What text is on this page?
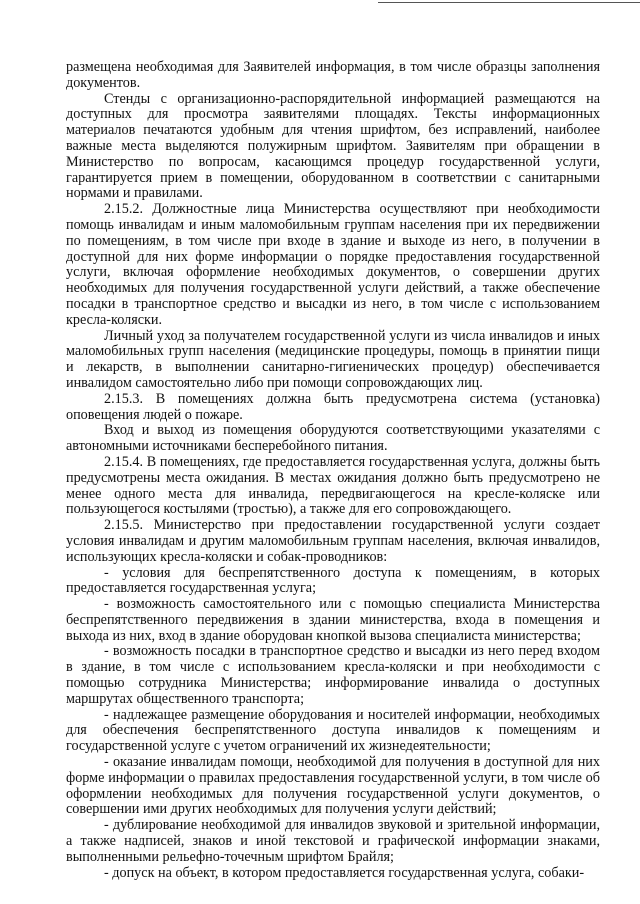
размещена необходимая для Заявителей информация, в том числе образцы заполнения документов.

Стенды с организационно-распорядительной информацией размещаются на доступных для просмотра заявителями площадях. Тексты информационных материалов печатаются удобным для чтения шрифтом, без исправлений, наиболее важные места выделяются полужирным шрифтом. Заявителям при обращении в Министерство по вопросам, касающимся процедур государственной услуги, гарантируется прием в помещении, оборудованном в соответствии с санитарными нормами и правилами.

2.15.2. Должностные лица Министерства осуществляют при необходимости помощь инвалидам и иным маломобильным группам населения при их передвижении по помещениям, в том числе при входе в здание и выходе из него, в получении в доступной для них форме информации о порядке предоставления государственной услуги, включая оформление необходимых документов, о совершении других необходимых для получения государственной услуги действий, а также обеспечение посадки в транспортное средство и высадки из него, в том числе с использованием кресла-коляски.

Личный уход за получателем государственной услуги из числа инвалидов и иных маломобильных групп населения (медицинские процедуры, помощь в принятии пищи и лекарств, в выполнении санитарно-гигиенических процедур) обеспечивается инвалидом самостоятельно либо при помощи сопровождающих лиц.

2.15.3. В помещениях должна быть предусмотрена система (установка) оповещения людей о пожаре.

Вход и выход из помещения оборудуются соответствующими указателями с автономными источниками бесперебойного питания.

2.15.4. В помещениях, где предоставляется государственная услуга, должны быть предусмотрены места ожидания. В местах ожидания должно быть предусмотрено не менее одного места для инвалида, передвигающегося на кресле-коляске или пользующегося костылями (тростью), а также для его сопровождающего.

2.15.5. Министерство при предоставлении государственной услуги создает условия инвалидам и другим маломобильным группам населения, включая инвалидов, использующих кресла-коляски и собак-проводников:

- условия для беспрепятственного доступа к помещениям, в которых предоставляется государственная услуга;

- возможность самостоятельного или с помощью специалиста Министерства беспрепятственного передвижения в здании министерства, входа в помещения и выхода из них, вход в здание оборудован кнопкой вызова специалиста министерства;

- возможность посадки в транспортное средство и высадки из него перед входом в здание, в том числе с использованием кресла-коляски и при необходимости с помощью сотрудника Министерства; информирование инвалида о доступных маршрутах общественного транспорта;

- надлежащее размещение оборудования и носителей информации, необходимых для обеспечения беспрепятственного доступа инвалидов к помещениям и государственной услуге с учетом ограничений их жизнедеятельности;

- оказание инвалидам помощи, необходимой для получения в доступной для них форме информации о правилах предоставления государственной услуги, в том числе об оформлении необходимых для получения государственной услуги документов, о совершении ими других необходимых для получения услуги действий;

- дублирование необходимой для инвалидов звуковой и зрительной информации, а также надписей, знаков и иной текстовой и графической информации знаками, выполненными рельефно-точечным шрифтом Брайля;

- допуск на объект, в котором предоставляется государственная услуга, собаки-
